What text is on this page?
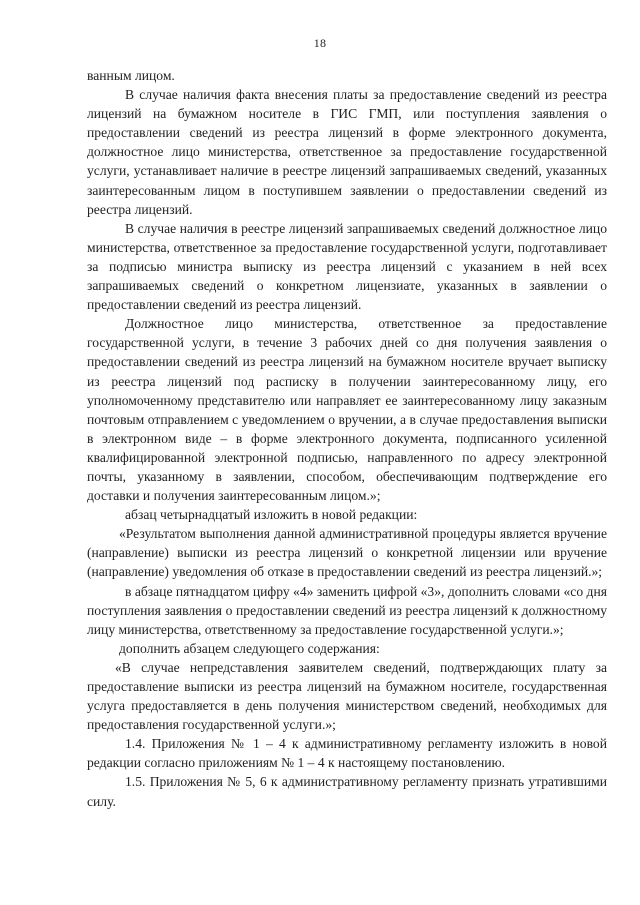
18

ванным лицом.

В случае наличия факта внесения платы за предоставление сведений из реестра лицензий на бумажном носителе в ГИС ГМП, или поступления заявления о предоставлении сведений из реестра лицензий в форме электронного документа, должностное лицо министерства, ответственное за предоставление государственной услуги, устанавливает наличие в реестре лицензий запрашиваемых сведений, указанных заинтересованным лицом в поступившем заявлении о предоставлении сведений из реестра лицензий.

В случае наличия в реестре лицензий запрашиваемых сведений должностное лицо министерства, ответственное за предоставление государственной услуги, подготавливает за подписью министра выписку из реестра лицензий с указанием в ней всех запрашиваемых сведений о конкретном лицензиате, указанных в заявлении о предоставлении сведений из реестра лицензий.

Должностное лицо министерства, ответственное за предоставление государственной услуги, в течение 3 рабочих дней со дня получения заявления о предоставлении сведений из реестра лицензий на бумажном носителе вручает выписку из реестра лицензий под расписку в получении заинтересованному лицу, его уполномоченному представителю или направляет ее заинтересованному лицу заказным почтовым отправлением с уведомлением о вручении, а в случае предоставления выписки в электронном виде – в форме электронного документа, подписанного усиленной квалифицированной электронной подписью, направленного по адресу электронной почты, указанному в заявлении, способом, обеспечивающим подтверждение его доставки и получения заинтересованным лицом.»;

абзац четырнадцатый изложить в новой редакции:

«Результатом выполнения данной административной процедуры является вручение (направление) выписки из реестра лицензий о конкретной лицензии или вручение (направление) уведомления об отказе в предоставлении сведений из реестра лицензий.»;

в абзаце пятнадцатом цифру «4» заменить цифрой «3», дополнить словами «со дня поступления заявления о предоставлении сведений из реестра лицензий к должностному лицу министерства, ответственному за предоставление государственной услуги.»;

дополнить абзацем следующего содержания:

«В случае непредставления заявителем сведений, подтверждающих плату за предоставление выписки из реестра лицензий на бумажном носителе, государственная услуга предоставляется в день получения министерством сведений, необходимых для предоставления государственной услуги.»;

1.4. Приложения № 1 – 4 к административному регламенту изложить в новой редакции согласно приложениям № 1 – 4 к настоящему постановлению.

1.5. Приложения № 5, 6 к административному регламенту признать утратившими силу.
